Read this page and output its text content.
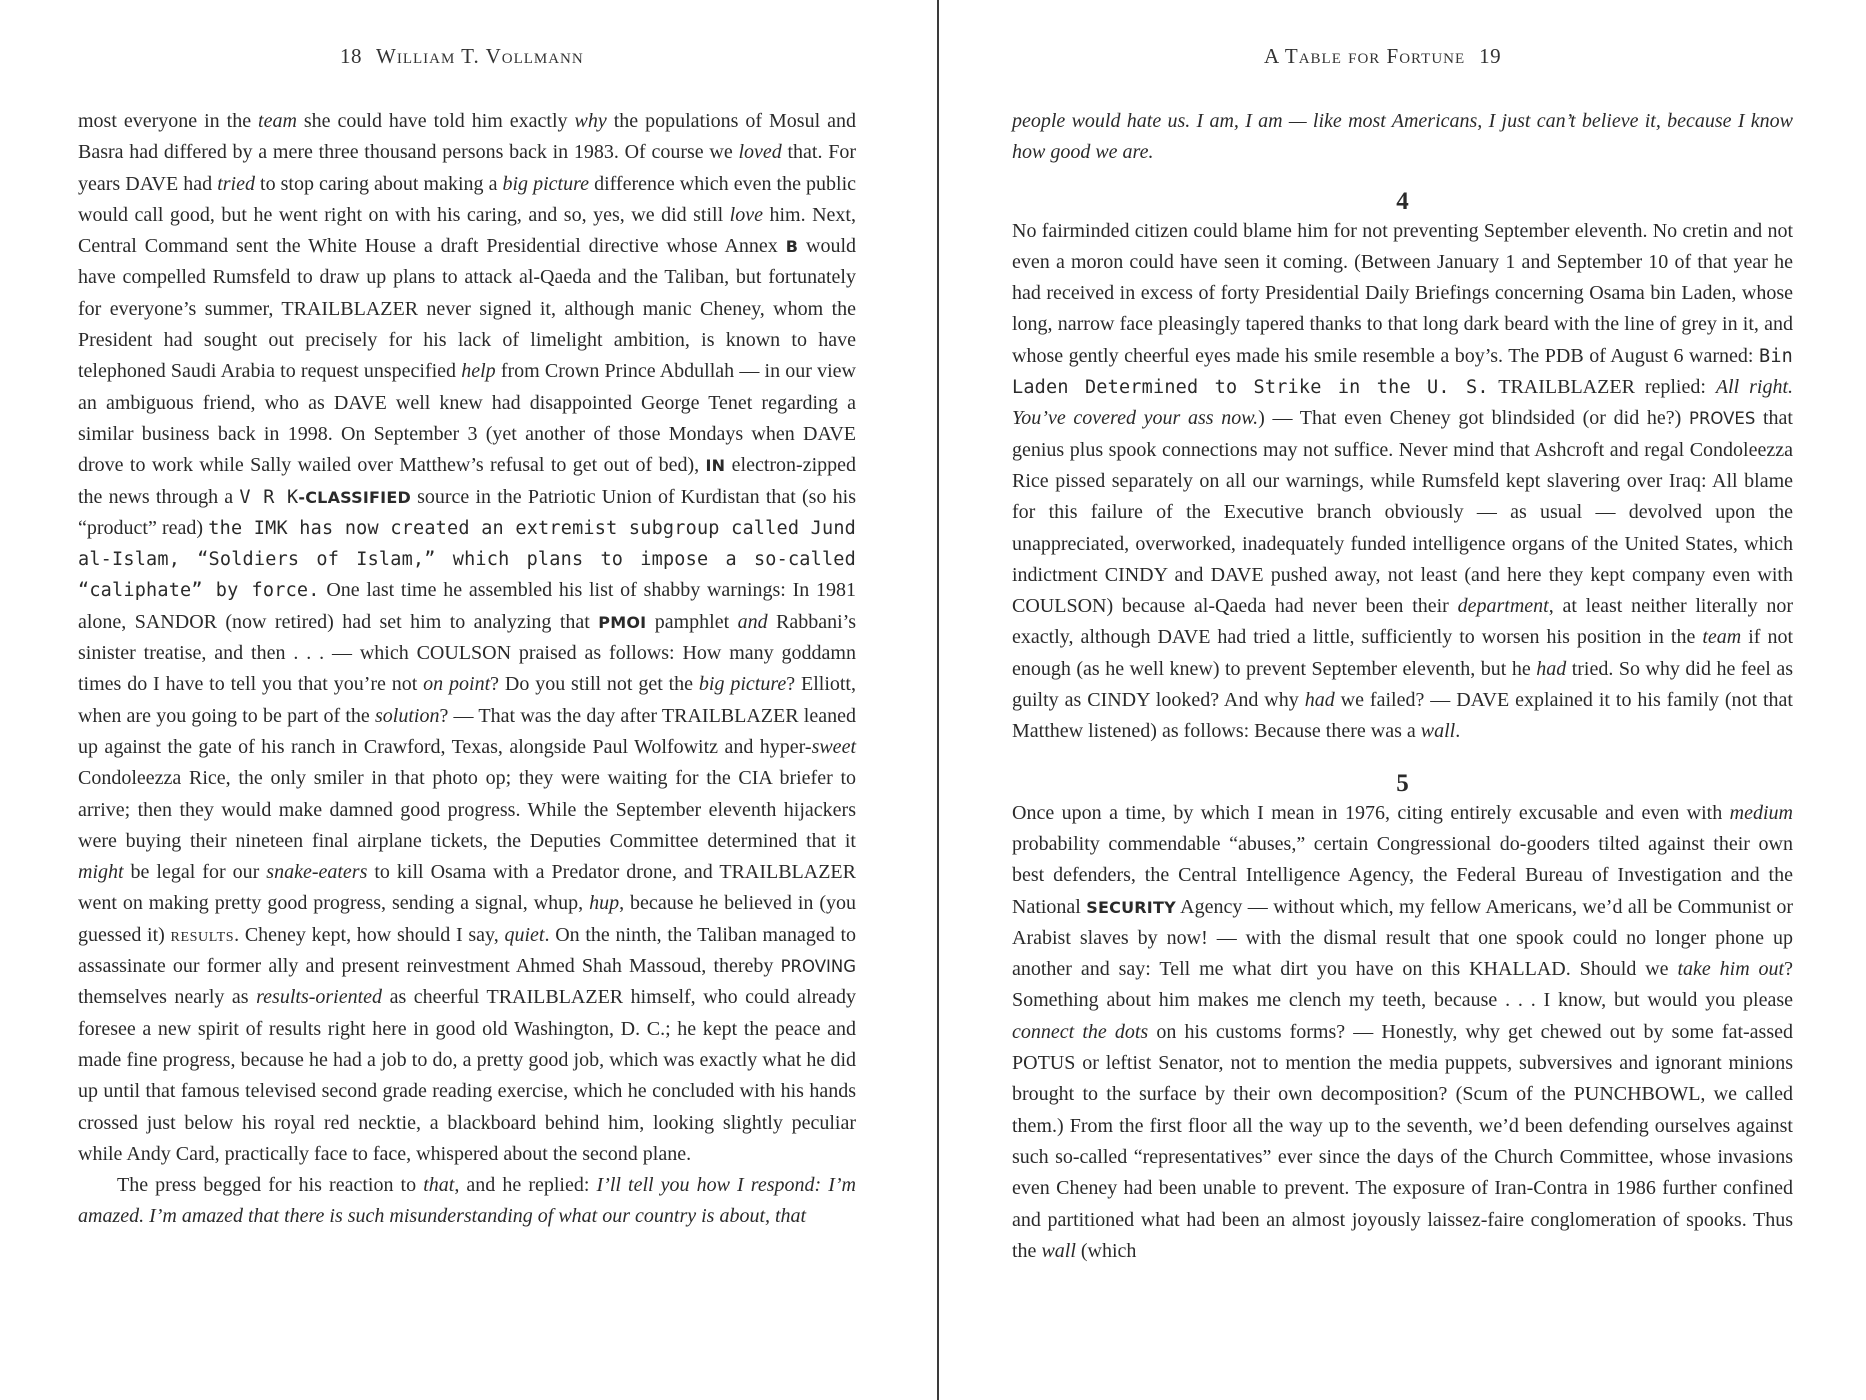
18 William T. Vollmann

most everyone in the team she could have told him exactly why the populations of Mosul and Basra had differed by a mere three thousand persons back in 1983. Of course we loved that. For years DAVE had tried to stop caring about making a big picture difference which even the public would call good, but he went right on with his caring, and so, yes, we did still love him. Next, Central Command sent the White House a draft Presidential directive whose Annex B would have compelled Rumsfeld to draw up plans to attack al-Qaeda and the Taliban, but fortunately for everyone’s summer, TRAILBLAZER never signed it, although manic Cheney, whom the President had sought out precisely for his lack of limelight ambition, is known to have telephoned Saudi Arabia to request unspecified help from Crown Prince Abdullah — in our view an ambiguous friend, who as DAVE well knew had disappointed George Tenet regarding a similar business back in 1998. On September 3 (yet another of those Mondays when DAVE drove to work while Sally wailed over Matthew’s refusal to get out of bed), IN electron-zipped the news through a V R K-CLASSIFIED source in the Patriotic Union of Kurdistan that (so his “product” read) the IMK has now created an extremist subgroup called Jund al-Islam, “Soldiers of Islam,” which plans to impose a so-called “caliphate” by force. One last time he assembled his list of shabby warnings: In 1981 alone, SANDOR (now retired) had set him to analyzing that PMOI pamphlet and Rabbani’s sinister treatise, and then . . . — which COULSON praised as follows: How many goddamn times do I have to tell you that you’re not on point? Do you still not get the big picture? Elliott, when are you going to be part of the solution? — That was the day after TRAILBLAZER leaned up against the gate of his ranch in Crawford, Texas, alongside Paul Wolfowitz and hyper-sweet Condoleezza Rice, the only smiler in that photo op; they were waiting for the CIA briefer to arrive; then they would make damned good progress. While the September eleventh hijackers were buying their nineteen final airplane tickets, the Deputies Committee determined that it might be legal for our snake-eaters to kill Osama with a Predator drone, and TRAILBLAZER went on making pretty good progress, sending a signal, whup, hup, because he believed in (you guessed it) results. Cheney kept, how should I say, quiet. On the ninth, the Taliban managed to assassinate our former ally and present reinvestment Ahmed Shah Massoud, thereby PROVING themselves nearly as results-oriented as cheerful TRAILBLAZER himself, who could already foresee a new spirit of results right here in good old Washington, D. C.; he kept the peace and made fine progress, because he had a job to do, a pretty good job, which was exactly what he did up until that famous televised second grade reading exercise, which he concluded with his hands crossed just below his royal red necktie, a blackboard behind him, looking slightly peculiar while Andy Card, practically face to face, whispered about the second plane.

The press begged for his reaction to that, and he replied: I’ll tell you how I respond: I’m amazed. I’m amazed that there is such misunderstanding of what our country is about, that

A Table for Fortune 19

people would hate us. I am, I am — like most Americans, I just can’t believe it, because I know how good we are.

4

No fairminded citizen could blame him for not preventing September eleventh. No cretin and not even a moron could have seen it coming. (Between January 1 and September 10 of that year he had received in excess of forty Presidential Daily Briefings concerning Osama bin Laden, whose long, narrow face pleasingly tapered thanks to that long dark beard with the line of grey in it, and whose gently cheerful eyes made his smile resemble a boy’s. The PDB of August 6 warned: Bin Laden Determined to Strike in the U. S. TRAILBLAZER replied: All right. You’ve covered your ass now.) — That even Cheney got blindsided (or did he?) PROVES that genius plus spook connections may not suffice. Never mind that Ashcroft and regal Condoleezza Rice pissed separately on all our warnings, while Rumsfeld kept slavering over Iraq: All blame for this failure of the Executive branch obviously — as usual — devolved upon the unappreciated, overworked, inadequately funded intelligence organs of the United States, which indictment CINDY and DAVE pushed away, not least (and here they kept company even with COULSON) because al-Qaeda had never been their department, at least neither literally nor exactly, although DAVE had tried a little, sufficiently to worsen his position in the team if not enough (as he well knew) to prevent September eleventh, but he had tried. So why did he feel as guilty as CINDY looked? And why had we failed? — DAVE explained it to his family (not that Matthew listened) as follows: Because there was a wall.

5

Once upon a time, by which I mean in 1976, citing entirely excusable and even with medium probability commendable “abuses,” certain Congressional do-gooders tilted against their own best defenders, the Central Intelligence Agency, the Federal Bureau of Investigation and the National SECURITY Agency — without which, my fellow Americans, we’d all be Communist or Arabist slaves by now! — with the dismal result that one spook could no longer phone up another and say: Tell me what dirt you have on this KHALLAD. Should we take him out? Something about him makes me clench my teeth, because . . . I know, but would you please connect the dots on his customs forms? — Honestly, why get chewed out by some fat-assed POTUS or leftist Senator, not to mention the media puppets, subversives and ignorant minions brought to the surface by their own decomposition? (Scum of the PUNCHBOWL, we called them.) From the first floor all the way up to the seventh, we’d been defending ourselves against such so-called “representatives” ever since the days of the Church Committee, whose invasions even Cheney had been unable to prevent. The exposure of Iran-Contra in 1986 further confined and partitioned what had been an almost joyously laissez-faire conglomeration of spooks. Thus the wall (which
